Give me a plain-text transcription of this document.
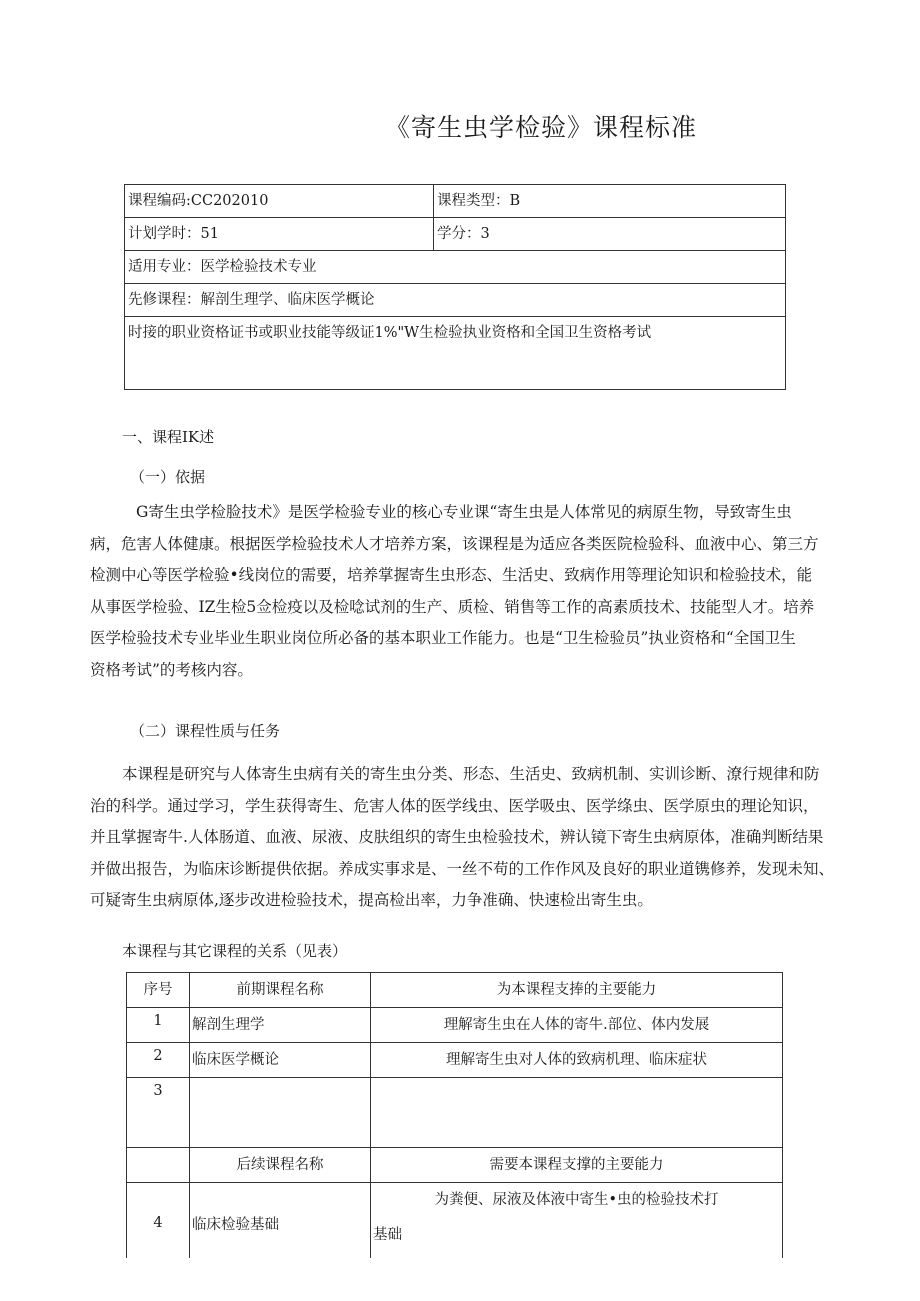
《寄生虫学检验》课程标准
课程编码:CC202010	课程类型：B
计划学时：51	学分：3
适用专业：医学检验技术专业	
先修课程：解剖生理学、临床医学概论	
时接的职业资格证书或职业技能等级证1%"W生检验执业资格和全国卫生资格考试	
一、课程IK述
（一）依据
G寄生虫学检脸技术》是医学检验专业的核心专业课“寄生虫是人体常见的病原生物，导致寄生虫
病，危害人体健康。根据医学检验技术人才培养方案，该课程是为适应各类医院检验科、血液中心、第三方
检测中心等医学检验•线岗位的需要，培养掌握寄生虫形态、生活史、致病作用等理论知识和检验技术，能
从事医学检验、IZ生检5佥检疫以及检唸试剂的生产、质检、销售等工作的高素质技术、技能型人才。培养
医学检验技术专业毕业生职业岗位所必备的基本职业工作能力。也是“卫生检验员”执业资格和“全国卫生
资格考试”的考核内容。
（二）课程性质与任务
本课程是研究与人体寄生虫病有关的寄生虫分类、形态、生活史、致病机制、实训诊断、潦行规律和防
治的科学。通过学习，学生获得寄生、危害人体的医学线虫、医学吸虫、医学绦虫、医学原虫的理论知识，
并且掌握寄牛.人体肠道、血液、尿液、皮肤组织的寄生虫检验技术，辨认镜下寄生虫病原体，准确判断结果
并做出报告，为临床诊断提供依据。养成实事求是、一丝不苟的工作作风及良好的职业道镌修养，发现未知、
可疑寄生虫病原体,逐步改进检验技术，提高检出率，力争准确、快速检出寄生虫。
本课程与其它课程的关系（见表）
序号	前期课程名称	为本课程支捧的主要能力
1	解剖生理学	理解寄生虫在人体的寄牛.部位、体内发展
2	临床医学概论	理解寄生虫对人体的致病机理、临床症状
3		
	后续课程名称	需要本课程支撑的主要能力
4	临床检验基础	为粪便、尿液及体液中寄生•虫的检验技术打
基础
